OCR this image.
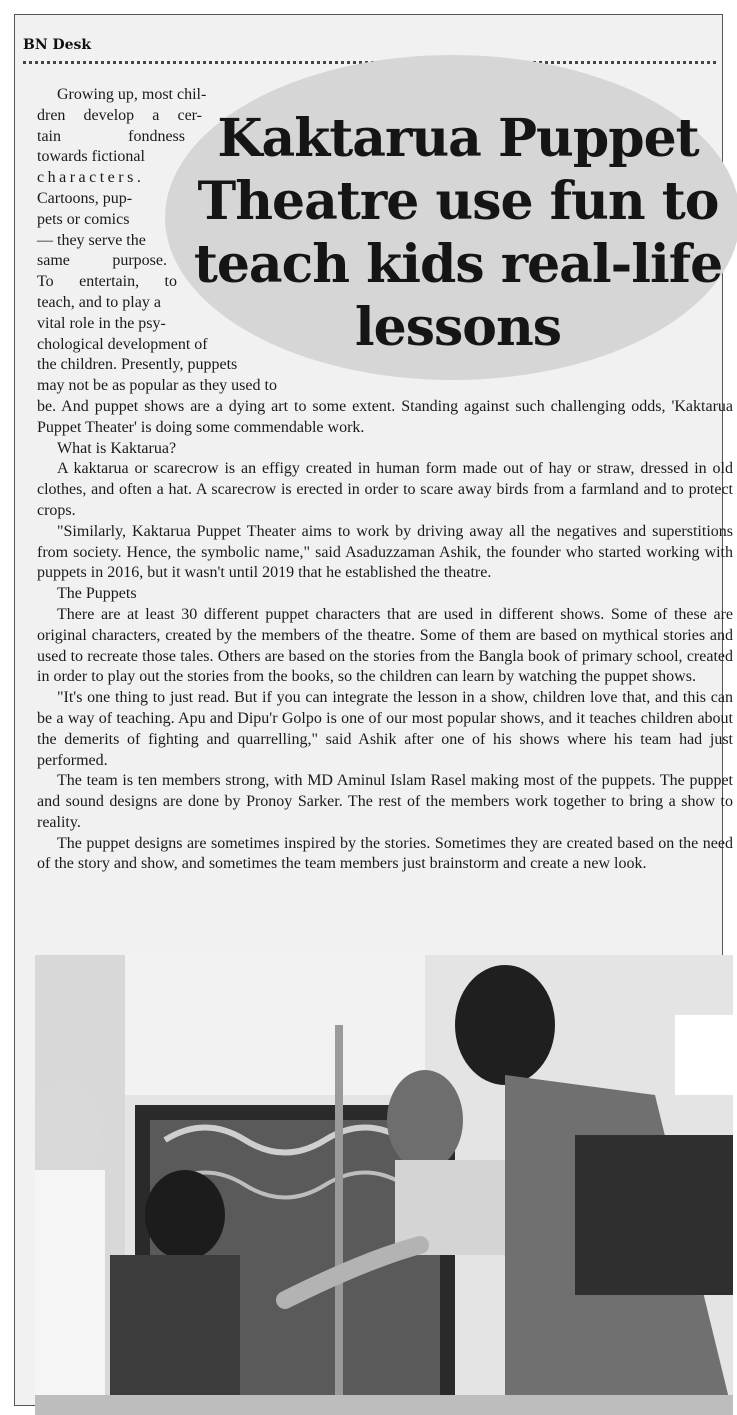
BN Desk
Kaktarua Puppet Theatre use fun to teach kids real-life lessons
Growing up, most chil-
dren develop a cer-
tain fondness
towards fictional
characters.
Cartoons, pup-
pets or comics
— they serve the
same purpose.
To entertain, to
teach, and to play a
vital role in the psy-
chological development of
the children. Presently, puppets
may not be as popular as they used to

be. And puppet shows are a dying art to some extent. Standing against such challenging odds, 'Kaktarua Puppet Theater' is doing some commendable work.

What is Kaktarua?

A kaktarua or scarecrow is an effigy created in human form made out of hay or straw, dressed in old clothes, and often a hat. A scarecrow is erected in order to scare away birds from a farmland and to protect crops.

"Similarly, Kaktarua Puppet Theater aims to work by driving away all the negatives and superstitions from society. Hence, the symbolic name," said Asaduzzaman Ashik, the founder who started working with puppets in 2016, but it wasn't until 2019 that he established the theatre.

The Puppets

There are at least 30 different puppet characters that are used in different shows. Some of these are original characters, created by the members of the theatre. Some of them are based on mythical stories and used to recreate those tales. Others are based on the stories from the Bangla book of primary school, created in order to play out the stories from the books, so the children can learn by watching the puppet shows.

"It's one thing to just read. But if you can integrate the lesson in a show, children love that, and this can be a way of teaching. Apu and Dipu'r Golpo is one of our most popular shows, and it teaches children about the demerits of fighting and quarrelling," said Ashik after one of his shows where his team had just performed.

The team is ten members strong, with MD Aminul Islam Rasel making most of the puppets. The puppet and sound designs are done by Pronoy Sarker. The rest of the members work together to bring a show to reality.

The puppet designs are sometimes inspired by the stories. Sometimes they are created based on the need of the story and show, and sometimes the team members just brainstorm and create a new look.
